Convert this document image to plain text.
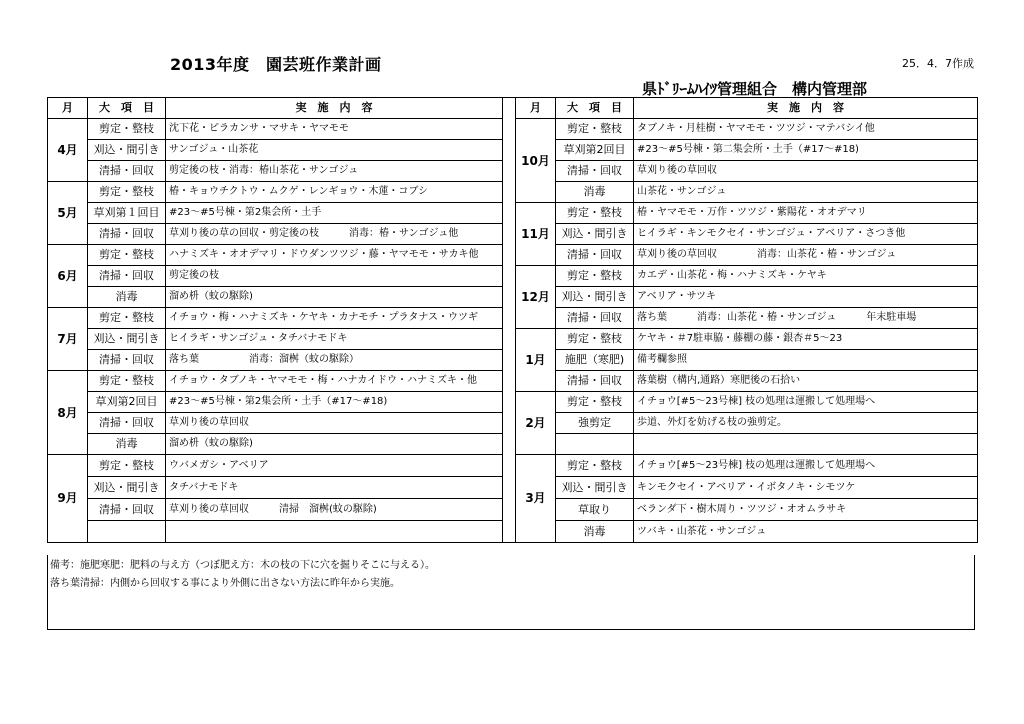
2013年度　園芸班作業計画	25．4．7作成
県ﾄﾞﾘｰﾑﾊｲﾂ管理組合　構内管理部
月	大　項　目	実　施　内　容		月	大　項　目	実　施　内　容
4月	剪定・整枝	沈下花・ピラカンサ・マサキ・ヤマモモ		10月	剪定・整枝	タブノキ・月桂樹・ヤマモモ・ツツジ・マテバシイ他
	刈込・間引き	サンゴジュ・山茶花			草刈第2回目	#23～#5号棟・第二集会所・土手（#17～#18)
	清掃・回収	剪定後の枝・消毒：椿山茶花・サンゴジュ			清掃・回収	草刈り後の草回収
5月	剪定・整枝	椿・キョウチクトウ・ムクゲ・レンギョウ・木蓮・コブシ			消毒	山茶花・サンゴジュ
	草刈第１回目	#23～#5号棟・第2集会所・土手		11月	剪定・整枝	椿・ヤマモモ・万作・ツツジ・紫陽花・オオデマリ
	清掃・回収	草刈り後の草の回収・剪定後の枝　　　消毒：椿・サンゴジュ他			刈込・間引き	ヒイラギ・キンモクセイ・サンゴジュ・アベリア・さつき他
6月	剪定・整枝	ハナミズキ・オオデマリ・ドウダンツツジ・藤・ヤマモモ・サカキ他			清掃・回収	草刈り後の草回収　　　　消毒：山茶花・椿・サンゴジュ
	清掃・回収	剪定後の枝		12月	剪定・整枝	カエデ・山茶花・梅・ハナミズキ・ケヤキ
	消毒	溜め枡（蚊の駆除)			刈込・間引き	アベリア・サツキ
7月	剪定・整枝	イチョウ・梅・ハナミズキ・ケヤキ・カナモチ・プラタナス・ウツギ			清掃・回収	落ち葉　　　消毒：山茶花・椿・サンゴジュ　　　年末駐車場
	刈込・間引き	ヒイラギ・サンゴジュ・タチバナモドキ		1月	剪定・整枝	ケヤキ・＃7駐車脇・藤棚の藤・銀杏＃5～23
	清掃・回収	落ち葉　　　　　消毒：溜桝（蚊の駆除）			施肥（寒肥)	備考欄参照
8月	剪定・整枝	イチョウ・タブノキ・ヤマモモ・梅・ハナカイドウ・ハナミズキ・他			清掃・回収	落葉樹（構内,通路）寒肥後の石拾い
	草刈第2回目	#23～#5号棟・第2集会所・土手（#17～#18)		2月	剪定・整枝	イチョウ[#5～23号棟] 枝の処理は運搬して処理場へ
	清掃・回収	草刈り後の草回収			強剪定	歩道、外灯を妨げる枝の強剪定。
	消毒	溜め枡（蚊の駆除)				
9月	剪定・整枝	ウバメガシ・アベリア		3月	剪定・整枝	イチョウ[#5～23号棟] 枝の処理は運搬して処理場へ
	刈込・間引き	タチバナモドキ			刈込・間引き	キンモクセイ・アベリア・イボタノキ・シモツケ
	清掃・回収	草刈り後の草回収　　　清掃　溜桝(蚊の駆除)			草取り	ベランダ下・樹木周り・ツツジ・オオムラサキ
					消毒	ツバキ・山茶花・サンゴジュ
備考：施肥寒肥：肥料の与え方（つぼ肥え方：木の枝の下に穴を掘りそこに与える）。
落ち葉清掃：内側から回収する事により外側に出さない方法に昨年から実施。
